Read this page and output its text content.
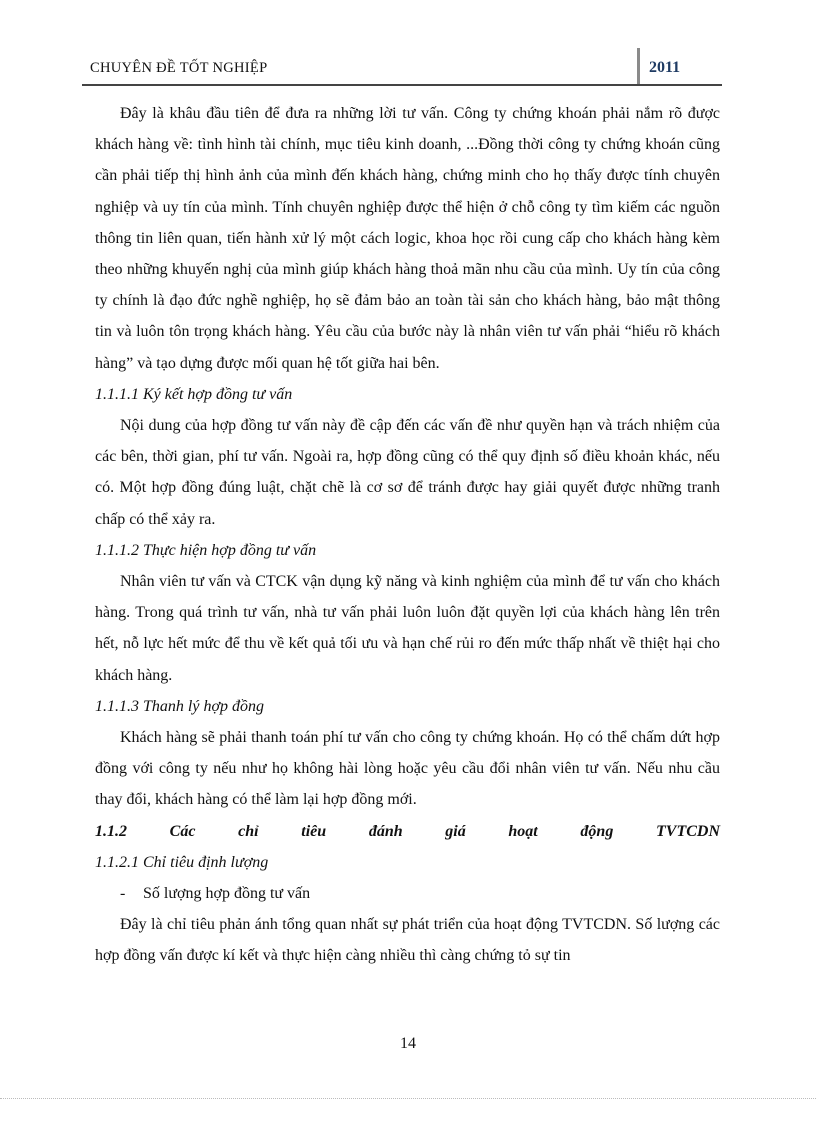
CHUYÊN ĐỀ TỐT NGHIỆP	2011

Đây là khâu đầu tiên để đưa ra những lời tư vấn. Công ty chứng khoán phải nắm rõ được khách hàng về: tình hình tài chính, mục tiêu kinh doanh, ...Đồng thời công ty chứng khoán cũng cần phải tiếp thị hình ảnh của mình đến khách hàng, chứng minh cho họ thấy được tính chuyên nghiệp và uy tín của mình. Tính chuyên nghiệp được thể hiện ở chỗ công ty tìm kiếm các nguồn thông tin liên quan, tiến hành xử lý một cách logic, khoa học rồi cung cấp cho khách hàng kèm theo những khuyến nghị của mình giúp khách hàng thoả mãn nhu cầu của mình. Uy tín của công ty chính là đạo đức nghề nghiệp, họ sẽ đảm bảo an toàn tài sản cho khách hàng, bảo mật thông tin và luôn tôn trọng khách hàng. Yêu cầu của bước này là nhân viên tư vấn phải “hiểu rõ khách hàng” và tạo dựng được mối quan hệ tốt giữa hai bên.

1.1.1.1 Ký kết hợp đồng tư vấn

Nội dung của hợp đồng tư vấn này đề cập đến các vấn đề như quyền hạn và trách nhiệm của các bên, thời gian, phí tư vấn. Ngoài ra, hợp đồng cũng có thể quy định số điều khoản khác, nếu có. Một hợp đồng đúng luật, chặt chẽ là cơ sơ để tránh được hay giải quyết được những tranh chấp có thể xảy ra.

1.1.1.2 Thực hiện hợp đồng tư vấn

Nhân viên tư vấn và CTCK vận dụng kỹ năng và kinh nghiệm của mình để tư vấn cho khách hàng. Trong quá trình tư vấn, nhà tư vấn phải luôn luôn đặt quyền lợi của khách hàng lên trên hết, nỗ lực hết mức để thu về kết quả tối ưu và hạn chế rủi ro đến mức thấp nhất về thiệt hại cho khách hàng.

1.1.1.3 Thanh lý hợp đồng

Khách hàng sẽ phải thanh toán phí tư vấn cho công ty chứng khoán. Họ có thể chấm dứt hợp đồng với công ty nếu như họ không hài lòng hoặc yêu cầu đổi nhân viên tư vấn. Nếu nhu cầu thay đổi, khách hàng có thể làm lại hợp đồng mới.

1.1.2 Các chỉ tiêu đánh giá hoạt động TVTCDN

1.1.2.1 Chỉ tiêu định lượng

- Số lượng hợp đồng tư vấn

Đây là chỉ tiêu phản ánh tổng quan nhất sự phát triển của hoạt động TVTCDN. Số lượng các hợp đồng vấn được kí kết và thực hiện càng nhiều thì càng chứng tỏ sự tin

14
